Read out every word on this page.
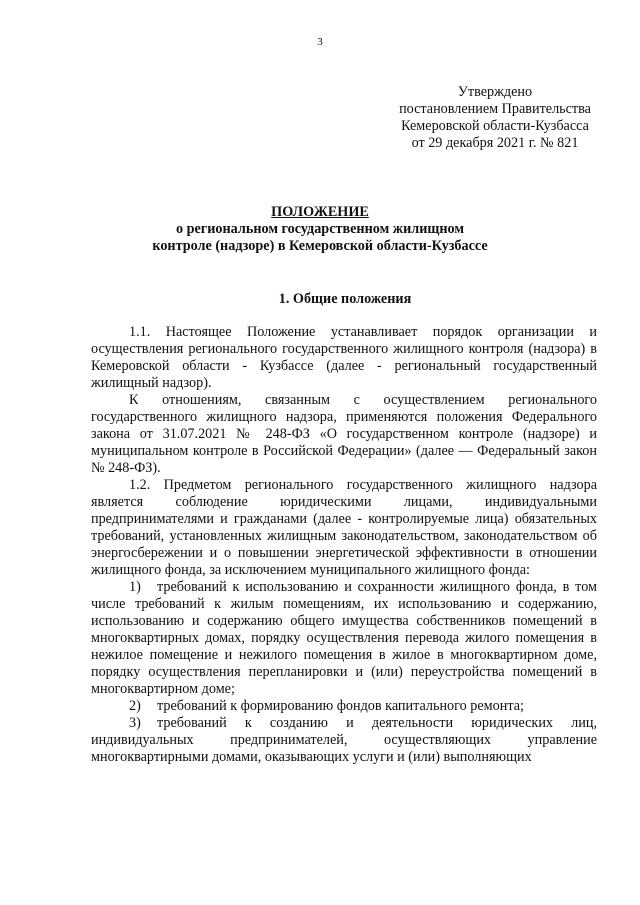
3
Утверждено
постановлением Правительства
Кемеровской области-Кузбасса
от 29 декабря 2021 г. № 821
ПОЛОЖЕНИЕ
о региональном государственном жилищном
контроле (надзоре) в Кемеровской области-Кузбассе
1. Общие положения

1.1. Настоящее Положение устанавливает порядок организации и осуществления регионального государственного жилищного контроля (надзора) в Кемеровской области - Кузбассе (далее - региональный государственный жилищный надзор).

К отношениям, связанным с осуществлением регионального государственного жилищного надзора, применяются положения Федерального закона от 31.07.2021 № 248-ФЗ «О государственном контроле (надзоре) и муниципальном контроле в Российской Федерации» (далее — Федеральный закон № 248-ФЗ).

1.2. Предметом регионального государственного жилищного надзора является соблюдение юридическими лицами, индивидуальными предпринимателями и гражданами (далее - контролируемые лица) обязательных требований, установленных жилищным законодательством, законодательством об энергосбережении и о повышении энергетической эффективности в отношении жилищного фонда, за исключением муниципального жилищного фонда:

1) требований к использованию и сохранности жилищного фонда, в том числе требований к жилым помещениям, их использованию и содержанию, использованию и содержанию общего имущества собственников помещений в многоквартирных домах, порядку осуществления перевода жилого помещения в нежилое помещение и нежилого помещения в жилое в многоквартирном доме, порядку осуществления перепланировки и (или) переустройства помещений в многоквартирном доме;

2) требований к формированию фондов капитального ремонта;

3) требований к созданию и деятельности юридических лиц, индивидуальных предпринимателей, осуществляющих управление многоквартирными домами, оказывающих услуги и (или) выполняющих
